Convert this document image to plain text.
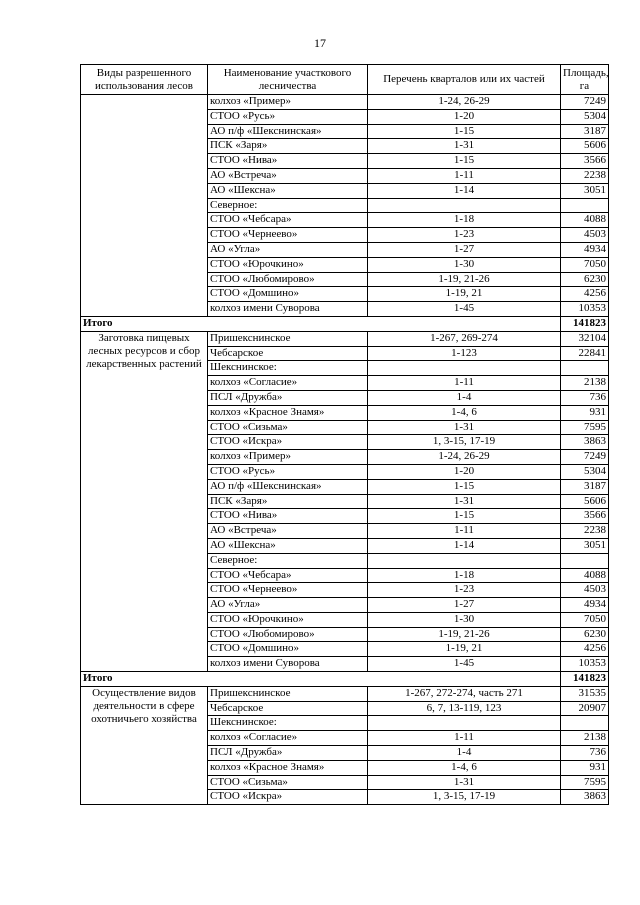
17
Виды разрешенного использования лесов	Наименование участкового лесничества	Перечень кварталов или их частей	Площадь, га
	колхоз «Пример»	1-24, 26-29	7249
	СТОО «Русь»	1-20	5304
	АО п/ф «Шекснинская»	1-15	3187
	ПСК «Заря»	1-31	5606
	СТОО «Нива»	1-15	3566
	АО «Встреча»	1-11	2238
	АО «Шексна»	1-14	3051
	Северное:		
	СТОО «Чебсара»	1-18	4088
	СТОО «Чернеево»	1-23	4503
	АО «Угла»	1-27	4934
	СТОО «Юрочкино»	1-30	7050
	СТОО «Любомирово»	1-19, 21-26	6230
	СТОО «Домшино»	1-19, 21	4256
	колхоз имени Суворова	1-45	10353
Итого			141823
Заготовка пищевых лесных ресурсов и сбор лекарственных растений	Пришекснинское	1-267, 269-274	32104
	Чебсарское	1-123	22841
	Шекснинское:		
	колхоз «Согласие»	1-11	2138
	ПСЛ «Дружба»	1-4	736
	колхоз «Красное Знамя»	1-4, 6	931
	СТОО «Сизьма»	1-31	7595
	СТОО «Искра»	1, 3-15, 17-19	3863
	колхоз «Пример»	1-24, 26-29	7249
	СТОО «Русь»	1-20	5304
	АО п/ф «Шекснинская»	1-15	3187
	ПСК «Заря»	1-31	5606
	СТОО «Нива»	1-15	3566
	АО «Встреча»	1-11	2238
	АО «Шексна»	1-14	3051
	Северное:		
	СТОО «Чебсара»	1-18	4088
	СТОО «Чернеево»	1-23	4503
	АО «Угла»	1-27	4934
	СТОО «Юрочкино»	1-30	7050
	СТОО «Любомирово»	1-19, 21-26	6230
	СТОО «Домшино»	1-19, 21	4256
	колхоз имени Суворова	1-45	10353
Итого			141823
Осуществление видов деятельности в сфере охотничьего хозяйства	Пришекснинское	1-267, 272-274, часть 271	31535
	Чебсарское	6, 7, 13-119, 123	20907
	Шекснинское:		
	колхоз «Согласие»	1-11	2138
	ПСЛ «Дружба»	1-4	736
	колхоз «Красное Знамя»	1-4, 6	931
	СТОО «Сизьма»	1-31	7595
	СТОО «Искра»	1, 3-15, 17-19	3863
